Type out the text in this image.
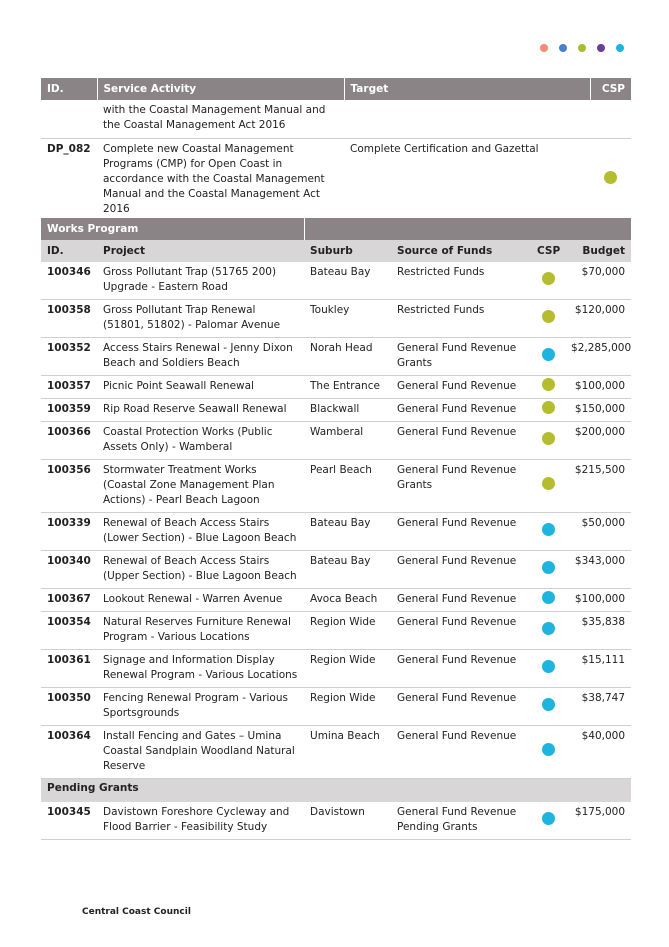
ID.	Service Activity	Target	CSP
	with the Coastal Management Manual and the Coastal Management Act 2016		
DP_082	Complete new Coastal Management Programs (CMP) for Open Coast in accordance with the Coastal Management Manual and the Coastal Management Act 2016	Complete Certification and Gazettal	
Works Program					
ID.	Project	Suburb	Source of Funds	CSP	Budget
100346	Gross Pollutant Trap (51765 200) Upgrade - Eastern Road	Bateau Bay	Restricted Funds		$70,000
100358	Gross Pollutant Trap Renewal (51801, 51802) - Palomar Avenue	Toukley	Restricted Funds		$120,000
100352	Access Stairs Renewal - Jenny Dixon Beach and Soldiers Beach	Norah Head	General Fund Revenue Grants		$2,285,000
100357	Picnic Point Seawall Renewal	The Entrance	General Fund Revenue		$100,000
100359	Rip Road Reserve Seawall Renewal	Blackwall	General Fund Revenue		$150,000
100366	Coastal Protection Works (Public Assets Only) - Wamberal	Wamberal	General Fund Revenue		$200,000
100356	Stormwater Treatment Works (Coastal Zone Management Plan Actions) - Pearl Beach Lagoon	Pearl Beach	General Fund Revenue Grants		$215,500
100339	Renewal of Beach Access Stairs (Lower Section) - Blue Lagoon Beach	Bateau Bay	General Fund Revenue		$50,000
100340	Renewal of Beach Access Stairs (Upper Section) - Blue Lagoon Beach	Bateau Bay	General Fund Revenue		$343,000
100367	Lookout Renewal - Warren Avenue	Avoca Beach	General Fund Revenue		$100,000
100354	Natural Reserves Furniture Renewal Program - Various Locations	Region Wide	General Fund Revenue		$35,838
100361	Signage and Information Display Renewal Program - Various Locations	Region Wide	General Fund Revenue		$15,111
100350	Fencing Renewal Program - Various Sportsgrounds	Region Wide	General Fund Revenue		$38,747
100364	Install Fencing and Gates – Umina Coastal Sandplain Woodland Natural Reserve	Umina Beach	General Fund Revenue		$40,000
Pending Grants					
100345	Davistown Foreshore Cycleway and Flood Barrier - Feasibility Study	Davistown	General Fund Revenue Pending Grants		$175,000
Central Coast Council
